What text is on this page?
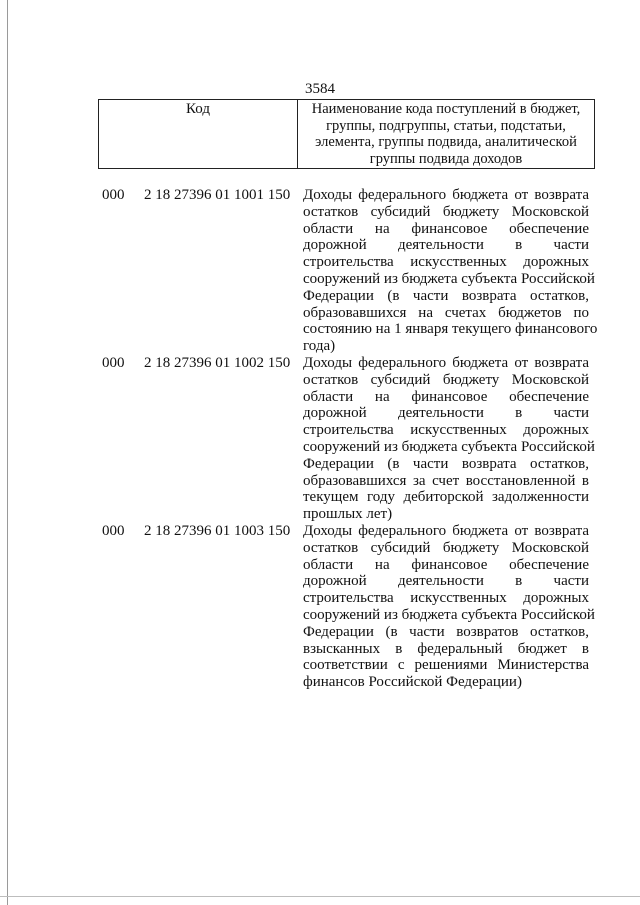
3584
Код	Наименование кода поступлений в бюджет, группы, подгруппы, статьи, подстатьи, элемента, группы подвида, аналитической группы подвида доходов
000 2 18 27396 01 1001 150 Доходы федерального бюджета от возврата
остатков субсидий бюджету Московской
области на финансовое обеспечение
дорожной деятельности в части
строительства искусственных дорожных
сооружений из бюджета субъекта Российской
Федерации (в части возврата остатков,
образовавшихся на счетах бюджетов по
состоянию на 1 января текущего финансового
года)
000 2 18 27396 01 1002 150 Доходы федерального бюджета от возврата
остатков субсидий бюджету Московской
области на финансовое обеспечение
дорожной деятельности в части
строительства искусственных дорожных
сооружений из бюджета субъекта Российской
Федерации (в части возврата остатков,
образовавшихся за счет восстановленной в
текущем году дебиторской задолженности
прошлых лет)
000 2 18 27396 01 1003 150 Доходы федерального бюджета от возврата
остатков субсидий бюджету Московской
области на финансовое обеспечение
дорожной деятельности в части
строительства искусственных дорожных
сооружений из бюджета субъекта Российской
Федерации (в части возвратов остатков,
взысканных в федеральный бюджет в
соответствии с решениями Министерства
финансов Российской Федерации)
